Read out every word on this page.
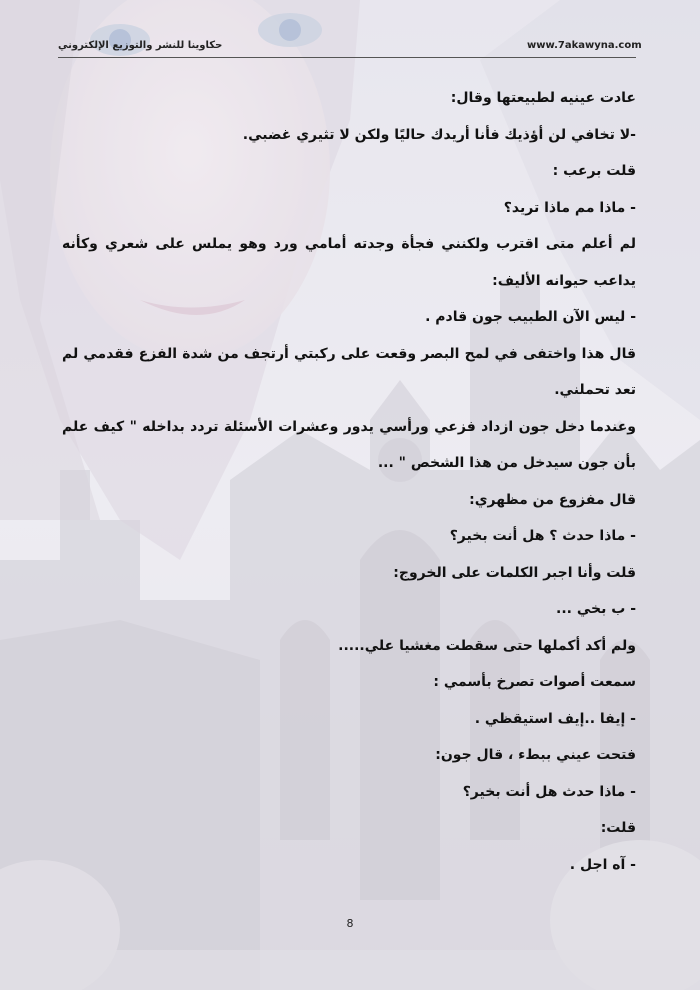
www.7akawyna.com
حكاوينا للنشر والتوزيع الإلكتروني

عادت عينيه لطبيعتها وقال:

-لا تخافي لن أؤذيك فأنا أريدك حاليًا ولكن لا تثيري غضبي.

قلت برعب :

- ماذا مم ماذا تريد؟

لم أعلم متى اقترب ولكنني فجأة وجدته أمامي ورد وهو يملس على شعري وكأنه يداعب حيوانه الأليف:

- ليس الآن الطبيب جون قادم .

قال هذا واختفى في لمح البصر وقعت على ركبتي أرتجف من شدة الفزع فقدمي لم تعد تحملني.

وعندما دخل جون ازداد فزعي ورأسي يدور وعشرات الأسئلة تردد بداخله " كيف علم بأن جون سيدخل من هذا الشخص " ...

قال مفزوع من مظهري:

- ماذا حدث ؟ هل أنت بخير؟

قلت وأنا اجبر الكلمات على الخروج:

- ب بخي ...

ولم أكد أكملها حتى سقطت مغشيا علي.....

سمعت أصوات تصرخ بأسمي :

- إيفا ..إيف استيقظي .

فتحت عيني ببطء ، قال جون:

- ماذا حدث هل أنت بخير؟

قلت:

- آه اجل .

8
